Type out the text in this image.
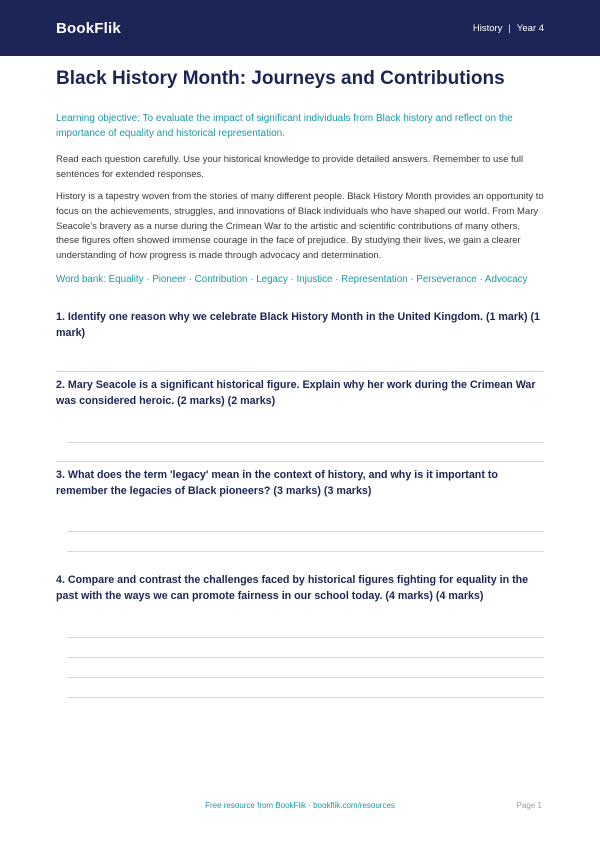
BookFlik	History | Year 4
Black History Month: Journeys and Contributions
Learning objective: To evaluate the impact of significant individuals from Black history and reflect on the importance of equality and historical representation.
Read each question carefully. Use your historical knowledge to provide detailed answers. Remember to use full sentences for extended responses.
History is a tapestry woven from the stories of many different people. Black History Month provides an opportunity to focus on the achievements, struggles, and innovations of Black individuals who have shaped our world. From Mary Seacole's bravery as a nurse during the Crimean War to the artistic and scientific contributions of many others, these figures often showed immense courage in the face of prejudice. By studying their lives, we gain a clearer understanding of how progress is made through advocacy and determination.
Word bank: Equality · Pioneer · Contribution · Legacy · Injustice · Representation · Perseverance · Advocacy
1. Identify one reason why we celebrate Black History Month in the United Kingdom. (1 mark) (1 mark)
2. Mary Seacole is a significant historical figure. Explain why her work during the Crimean War was considered heroic. (2 marks) (2 marks)
3. What does the term 'legacy' mean in the context of history, and why is it important to remember the legacies of Black pioneers? (3 marks) (3 marks)
4. Compare and contrast the challenges faced by historical figures fighting for equality in the past with the ways we can promote fairness in our school today. (4 marks) (4 marks)
Free resource from BookFlik · bookflik.com/resources	Page 1
